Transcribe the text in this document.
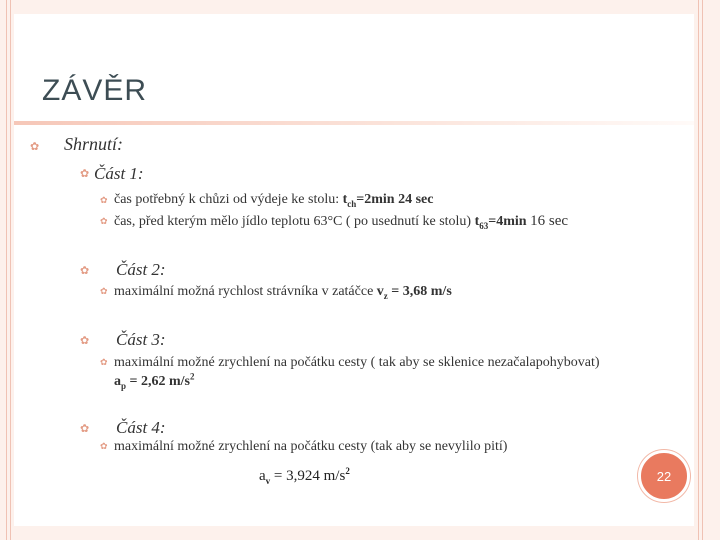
ZÁVĚR
✿ Shrnutí:
✿ Část 1:
✿ čas potřebný k chůzi od výdeje ke stolu: $t_{ch}=2\min$ 24 sec
✿ čas, před kterým mělo jídlo teplotu 63°C ( po usednutí ke stolu) $t_{63}=4\min$ 16 sec
✿ Část 2:
✿ maximální možná rychlost strávníka v zatáčce $v_z = 3,68$ m/s
✿ Část 3:
✿ maximální možné zrychlení na počátku cesty ( tak aby se sklenice nezačalapohybovat)
$a_p = 2,62$ $m/s^2$
✿ Část 4:
✿ maximální možné zrychlení na počátku cesty (tak aby se nevylilo pití)
$a_v = 3,924$ $m/s^2$	22
